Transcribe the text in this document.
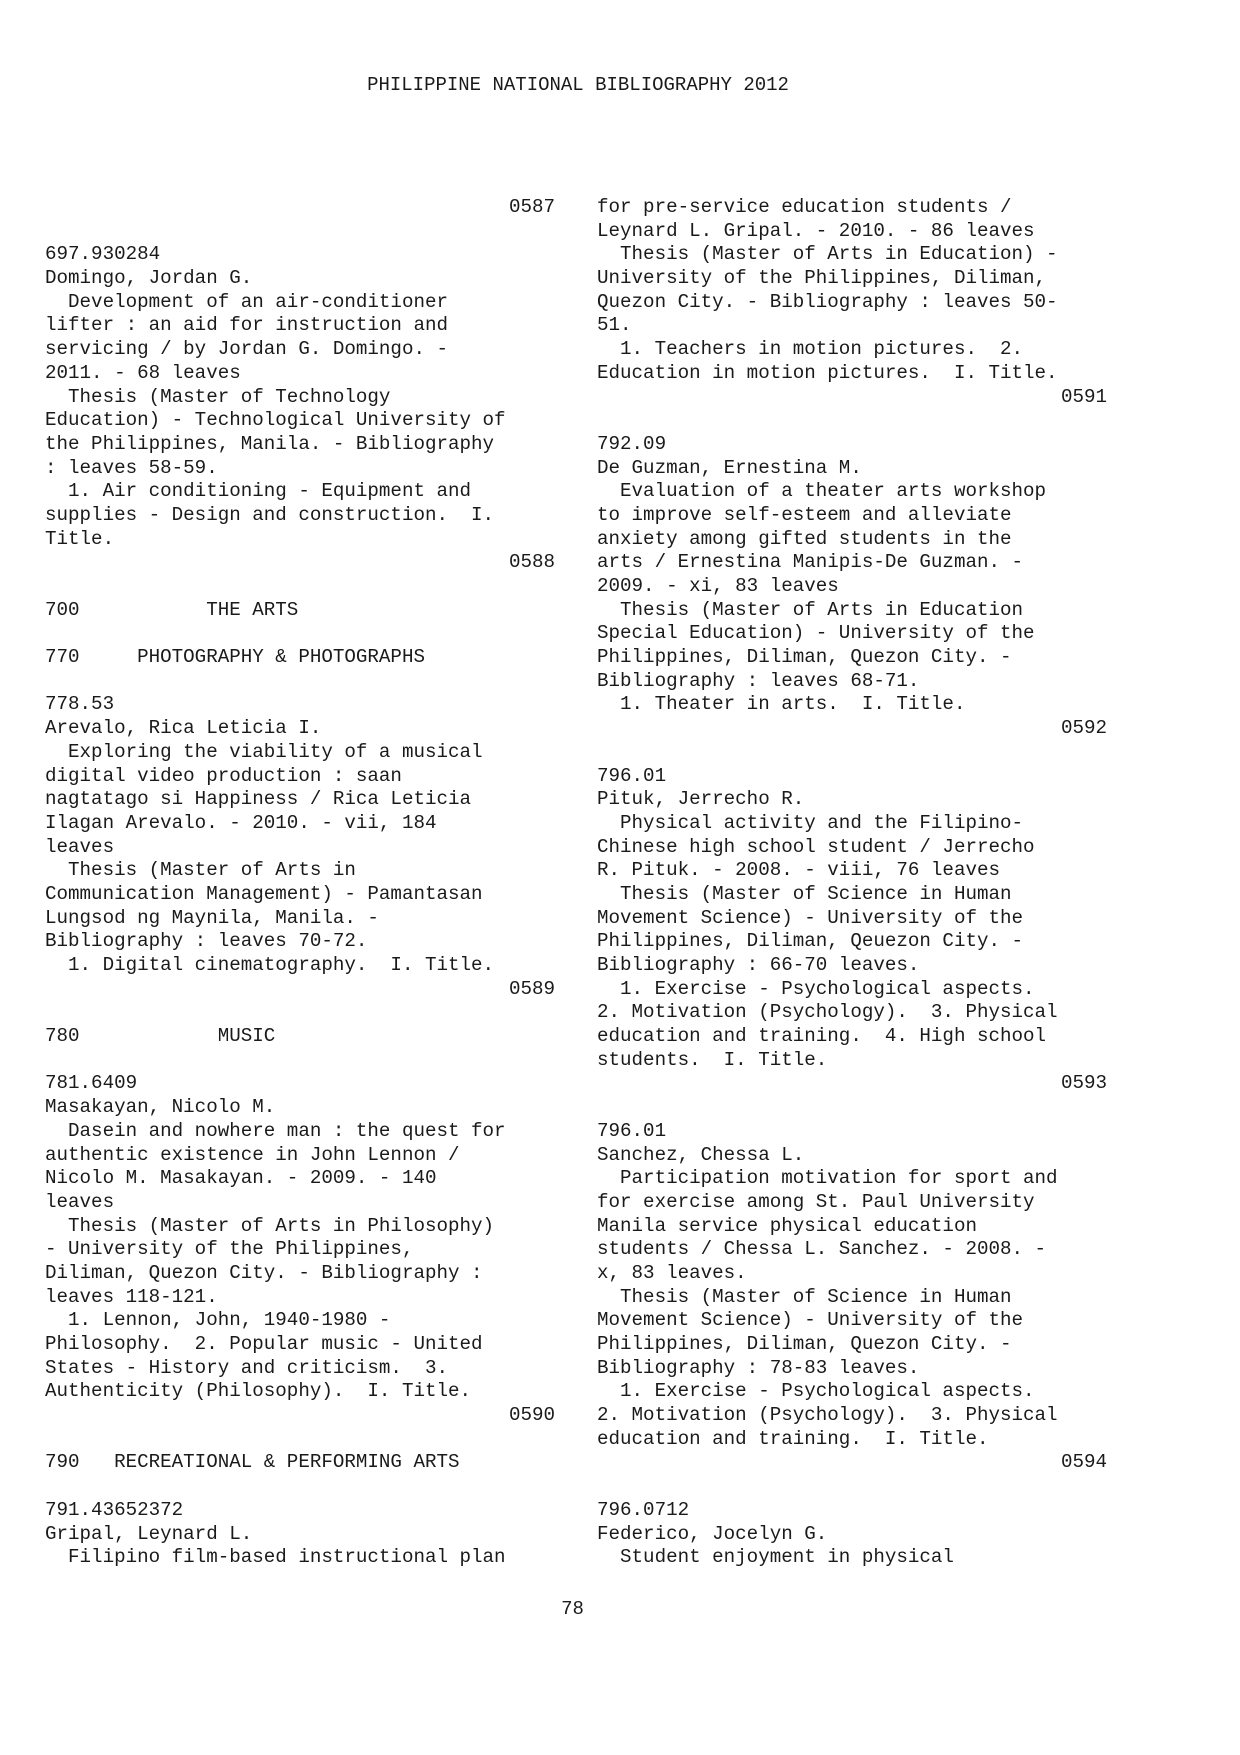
PHILIPPINE NATIONAL BIBLIOGRAPHY 2012
0587
697.930284
Domingo, Jordan G.
Development of an air-conditioner
lifter : an aid for instruction and
servicing / by Jordan G. Domingo. -
2011. - 68 leaves
Thesis (Master of Technology
Education) - Technological University of
the Philippines, Manila. - Bibliography
: leaves 58-59.
1. Air conditioning - Equipment and
supplies - Design and construction.  I.
Title.
0588
700           THE ARTS
770     PHOTOGRAPHY & PHOTOGRAPHS
778.53
Arevalo, Rica Leticia I.
Exploring the viability of a musical
digital video production : saan
nagtatago si Happiness / Rica Leticia
Ilagan Arevalo. - 2010. - vii, 184
leaves
Thesis (Master of Arts in
Communication Management) - Pamantasan
Lungsod ng Maynila, Manila. -
Bibliography : leaves 70-72.
1. Digital cinematography.  I. Title.
0589
780            MUSIC
781.6409
Masakayan, Nicolo M.
Dasein and nowhere man : the quest for
authentic existence in John Lennon /
Nicolo M. Masakayan. - 2009. - 140
leaves
Thesis (Master of Arts in Philosophy)
- University of the Philippines,
Diliman, Quezon City. - Bibliography :
leaves 118-121.
1. Lennon, John, 1940-1980 -
Philosophy.  2. Popular music - United
States - History and criticism.  3.
Authenticity (Philosophy).  I. Title.
0590
790   RECREATIONAL & PERFORMING ARTS
791.43652372
Gripal, Leynard L.
Filipino film-based instructional plan
for pre-service education students /
Leynard L. Gripal. - 2010. - 86 leaves
Thesis (Master of Arts in Education) -
University of the Philippines, Diliman,
Quezon City. - Bibliography : leaves 50-
51.
1. Teachers in motion pictures.  2.
Education in motion pictures.  I. Title.
0591
792.09
De Guzman, Ernestina M.
Evaluation of a theater arts workshop
to improve self-esteem and alleviate
anxiety among gifted students in the
arts / Ernestina Manipis-De Guzman. -
2009. - xi, 83 leaves
Thesis (Master of Arts in Education
Special Education) - University of the
Philippines, Diliman, Quezon City. -
Bibliography : leaves 68-71.
1. Theater in arts.  I. Title.
0592
796.01
Pituk, Jerrecho R.
Physical activity and the Filipino-
Chinese high school student / Jerrecho
R. Pituk. - 2008. - viii, 76 leaves
Thesis (Master of Science in Human
Movement Science) - University of the
Philippines, Diliman, Qeuezon City. -
Bibliography : 66-70 leaves.
1. Exercise - Psychological aspects.
2. Motivation (Psychology).  3. Physical
education and training.  4. High school
students.  I. Title.
0593
796.01
Sanchez, Chessa L.
Participation motivation for sport and
for exercise among St. Paul University
Manila service physical education
students / Chessa L. Sanchez. - 2008. -
x, 83 leaves.
Thesis (Master of Science in Human
Movement Science) - University of the
Philippines, Diliman, Quezon City. -
Bibliography : 78-83 leaves.
1. Exercise - Psychological aspects.
2. Motivation (Psychology).  3. Physical
education and training.  I. Title.
0594
796.0712
Federico, Jocelyn G.
Student enjoyment in physical
78
